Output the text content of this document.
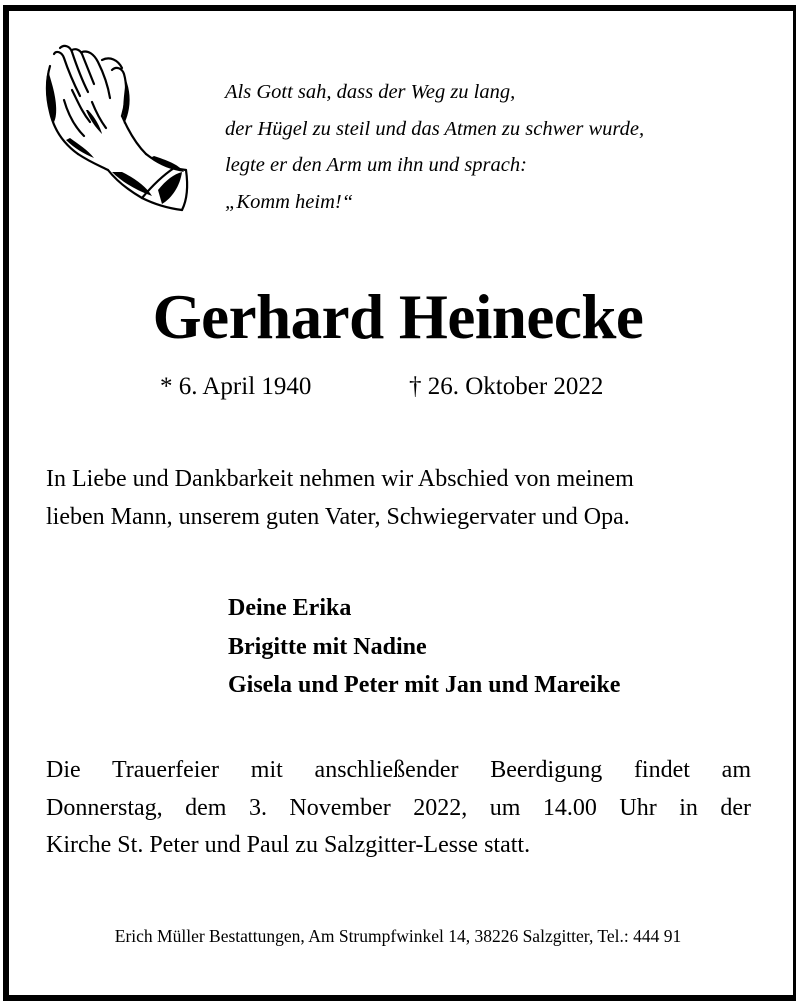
Als Gott sah, dass der Weg zu lang,
der Hügel zu steil und das Atmen zu schwer wurde,
legte er den Arm um ihn und sprach:
„Komm heim!“
Gerhard Heinecke
* 6. April 1940	† 26. Oktober 2022
In Liebe und Dankbarkeit nehmen wir Abschied von meinem
lieben Mann, unserem guten Vater, Schwiegervater und Opa.
Deine Erika
Brigitte mit Nadine
Gisela und Peter mit Jan und Mareike
Die Trauerfeier mit anschließender Beerdigung findet am
Donnerstag, dem 3. November 2022, um 14.00 Uhr in der
Kirche St. Peter und Paul zu Salzgitter-Lesse statt.
Erich Müller Bestattungen, Am Strumpfwinkel 14, 38226 Salzgitter, Tel.: 444 91
